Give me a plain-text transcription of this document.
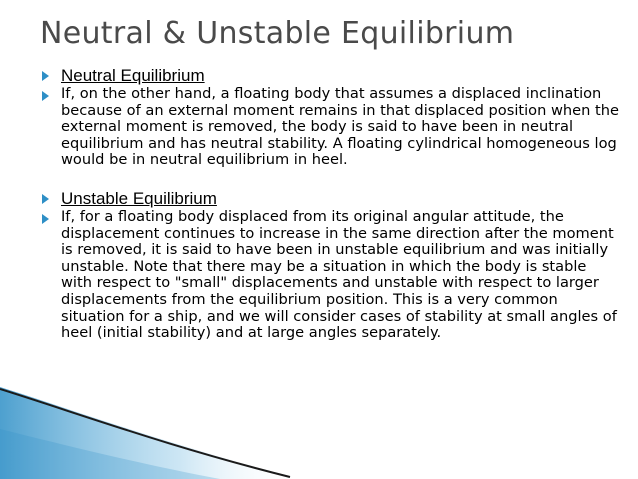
Neutral & Unstable Equilibrium
Neutral Equilibrium
If, on the other hand, a floating body that assumes a displaced inclination because of an external moment remains in that displaced position when the external moment is removed, the body is said to have been in neutral equilibrium and has neutral stability. A floating cylindrical homogeneous log would be in neutral equilibrium in heel.
Unstable Equilibrium
If, for a floating body displaced from its original angular attitude, the displacement continues to increase in the same direction after the moment is removed, it is said to have been in unstable equilibrium and was initially unstable. Note that there may be a situation in which the body is stable with respect to "small" displacements and unstable with respect to larger displacements from the equilibrium position. This is a very common situation for a ship, and we will consider cases of stability at small angles of heel (initial stability) and at large angles separately.
